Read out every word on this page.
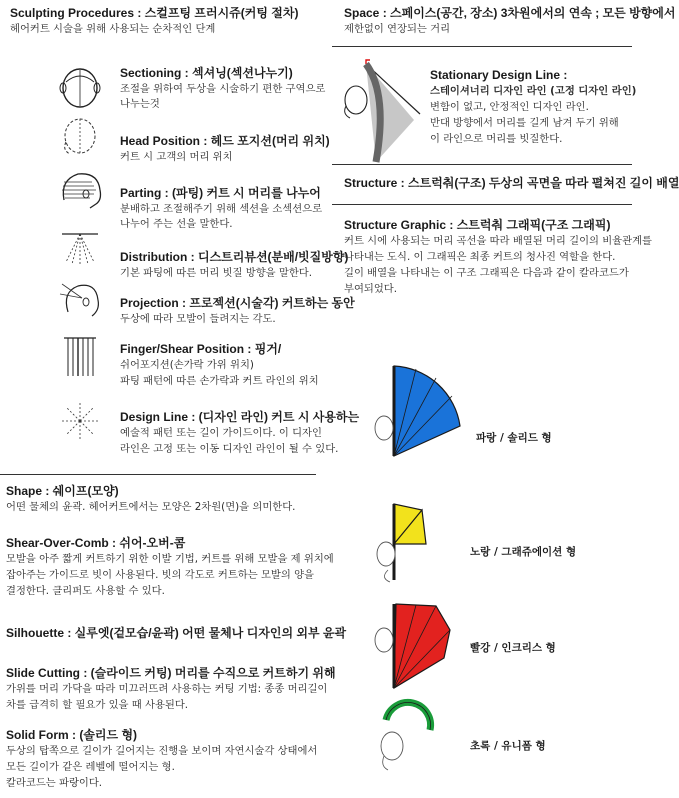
Sculpting Procedures : 스컬프팅 프러시쥬(커팅 절차)
헤어커트 시술을 위해 사용되는 순차적인 단계
Sectioning : 섹셔닝(섹션나누기)
조절을 위하여 두상을 시술하기 편한 구역으로
나누는것
Head Position : 헤드 포지션(머리 위치)
커트 시 고객의 머리 위치
Parting : (파팅) 커트 시 머리를 나누어
분배하고 조절해주기 위해 섹션을 소섹션으로
나누어 주는 선을 말한다.
Distribution : 디스트리뷰션(분배/빗질방향)
기본 파팅에 따른 머리 빗질 방향을 말한다.
Projection : 프로젝션(시술각) 커트하는 동안
두상에 따라 모발이 들려지는 각도.
Finger/Shear Position : 핑거/
쉬어포지션(손가락 가위 위치)
파팅 패턴에 따른 손가락과 커트 라인의 위치
Design Line : (디자인 라인) 커트 시 사용하는
예술적 패턴 또는 길이 가이드이다. 이 디자인
라인은 고정 또는 이동 디자인 라인이 될 수 있다.
Shape : 쉐이프(모양)
어떤 물체의 윤곽. 헤어커트에서는 모양은 2차원(면)을 의미한다.
Shear-Over-Comb : 쉬어-오버-콤
모발을 아주 짧게 커트하기 위한 이발 기법, 커트를 위해 모발을 제 위치에
잡아주는 가이드로 빗이 사용된다. 빗의 각도로 커트하는 모발의 양을
결정한다. 클리퍼도 사용할 수 있다.
Silhouette : 실루엣(겉모습/윤곽) 어떤 물체나 디자인의 외부 윤곽
Slide Cutting : (슬라이드 커팅) 머리를 수직으로 커트하기 위해
가위를 머리 가닥을 따라 미끄러뜨려 사용하는 커팅 기법: 종종 머리길이
차를 급격히 할 필요가 있을 때 사용된다.
Solid Form : (솔리드 형)
두상의 탑쪽으로 길이가 길어지는 진행을 보이며 자연시술각 상태에서
모든 길이가 같은 레벨에 떨어지는 형.
칼라코드는 파랑이다.
Space : 스페이스(공간, 장소) 3차원에서의 연속 ; 모든 방향에서
제한없이 연장되는 거리
Stationary Design Line :
스테이셔너리 디자인 라인 (고정 디자인 라인)
변함이 없고, 안정적인 디자인 라인.
반대 방향에서 머리를 길게 남겨 두기 위해
이 라인으로 머리를 빗질한다.
Structure : 스트럭춰(구조) 두상의 곡면을 따라 펼쳐진 길이 배열
Structure Graphic : 스트럭춰 그래픽(구조 그래픽)
커트 시에 사용되는 머리 곡선을 따라 배열된 머리 길이의 비율관계를
나타내는 도식. 이 그래픽은 최종 커트의 청사진 역할을 한다.
길이 배열을 나타내는 이 구조 그래픽은 다음과 같이 칼라코드가
부여되었다.
파랑 / 솔리드 형
노랑 / 그래쥬에이션 형
빨강 / 인크리스 형
초록 / 유니폼 형
